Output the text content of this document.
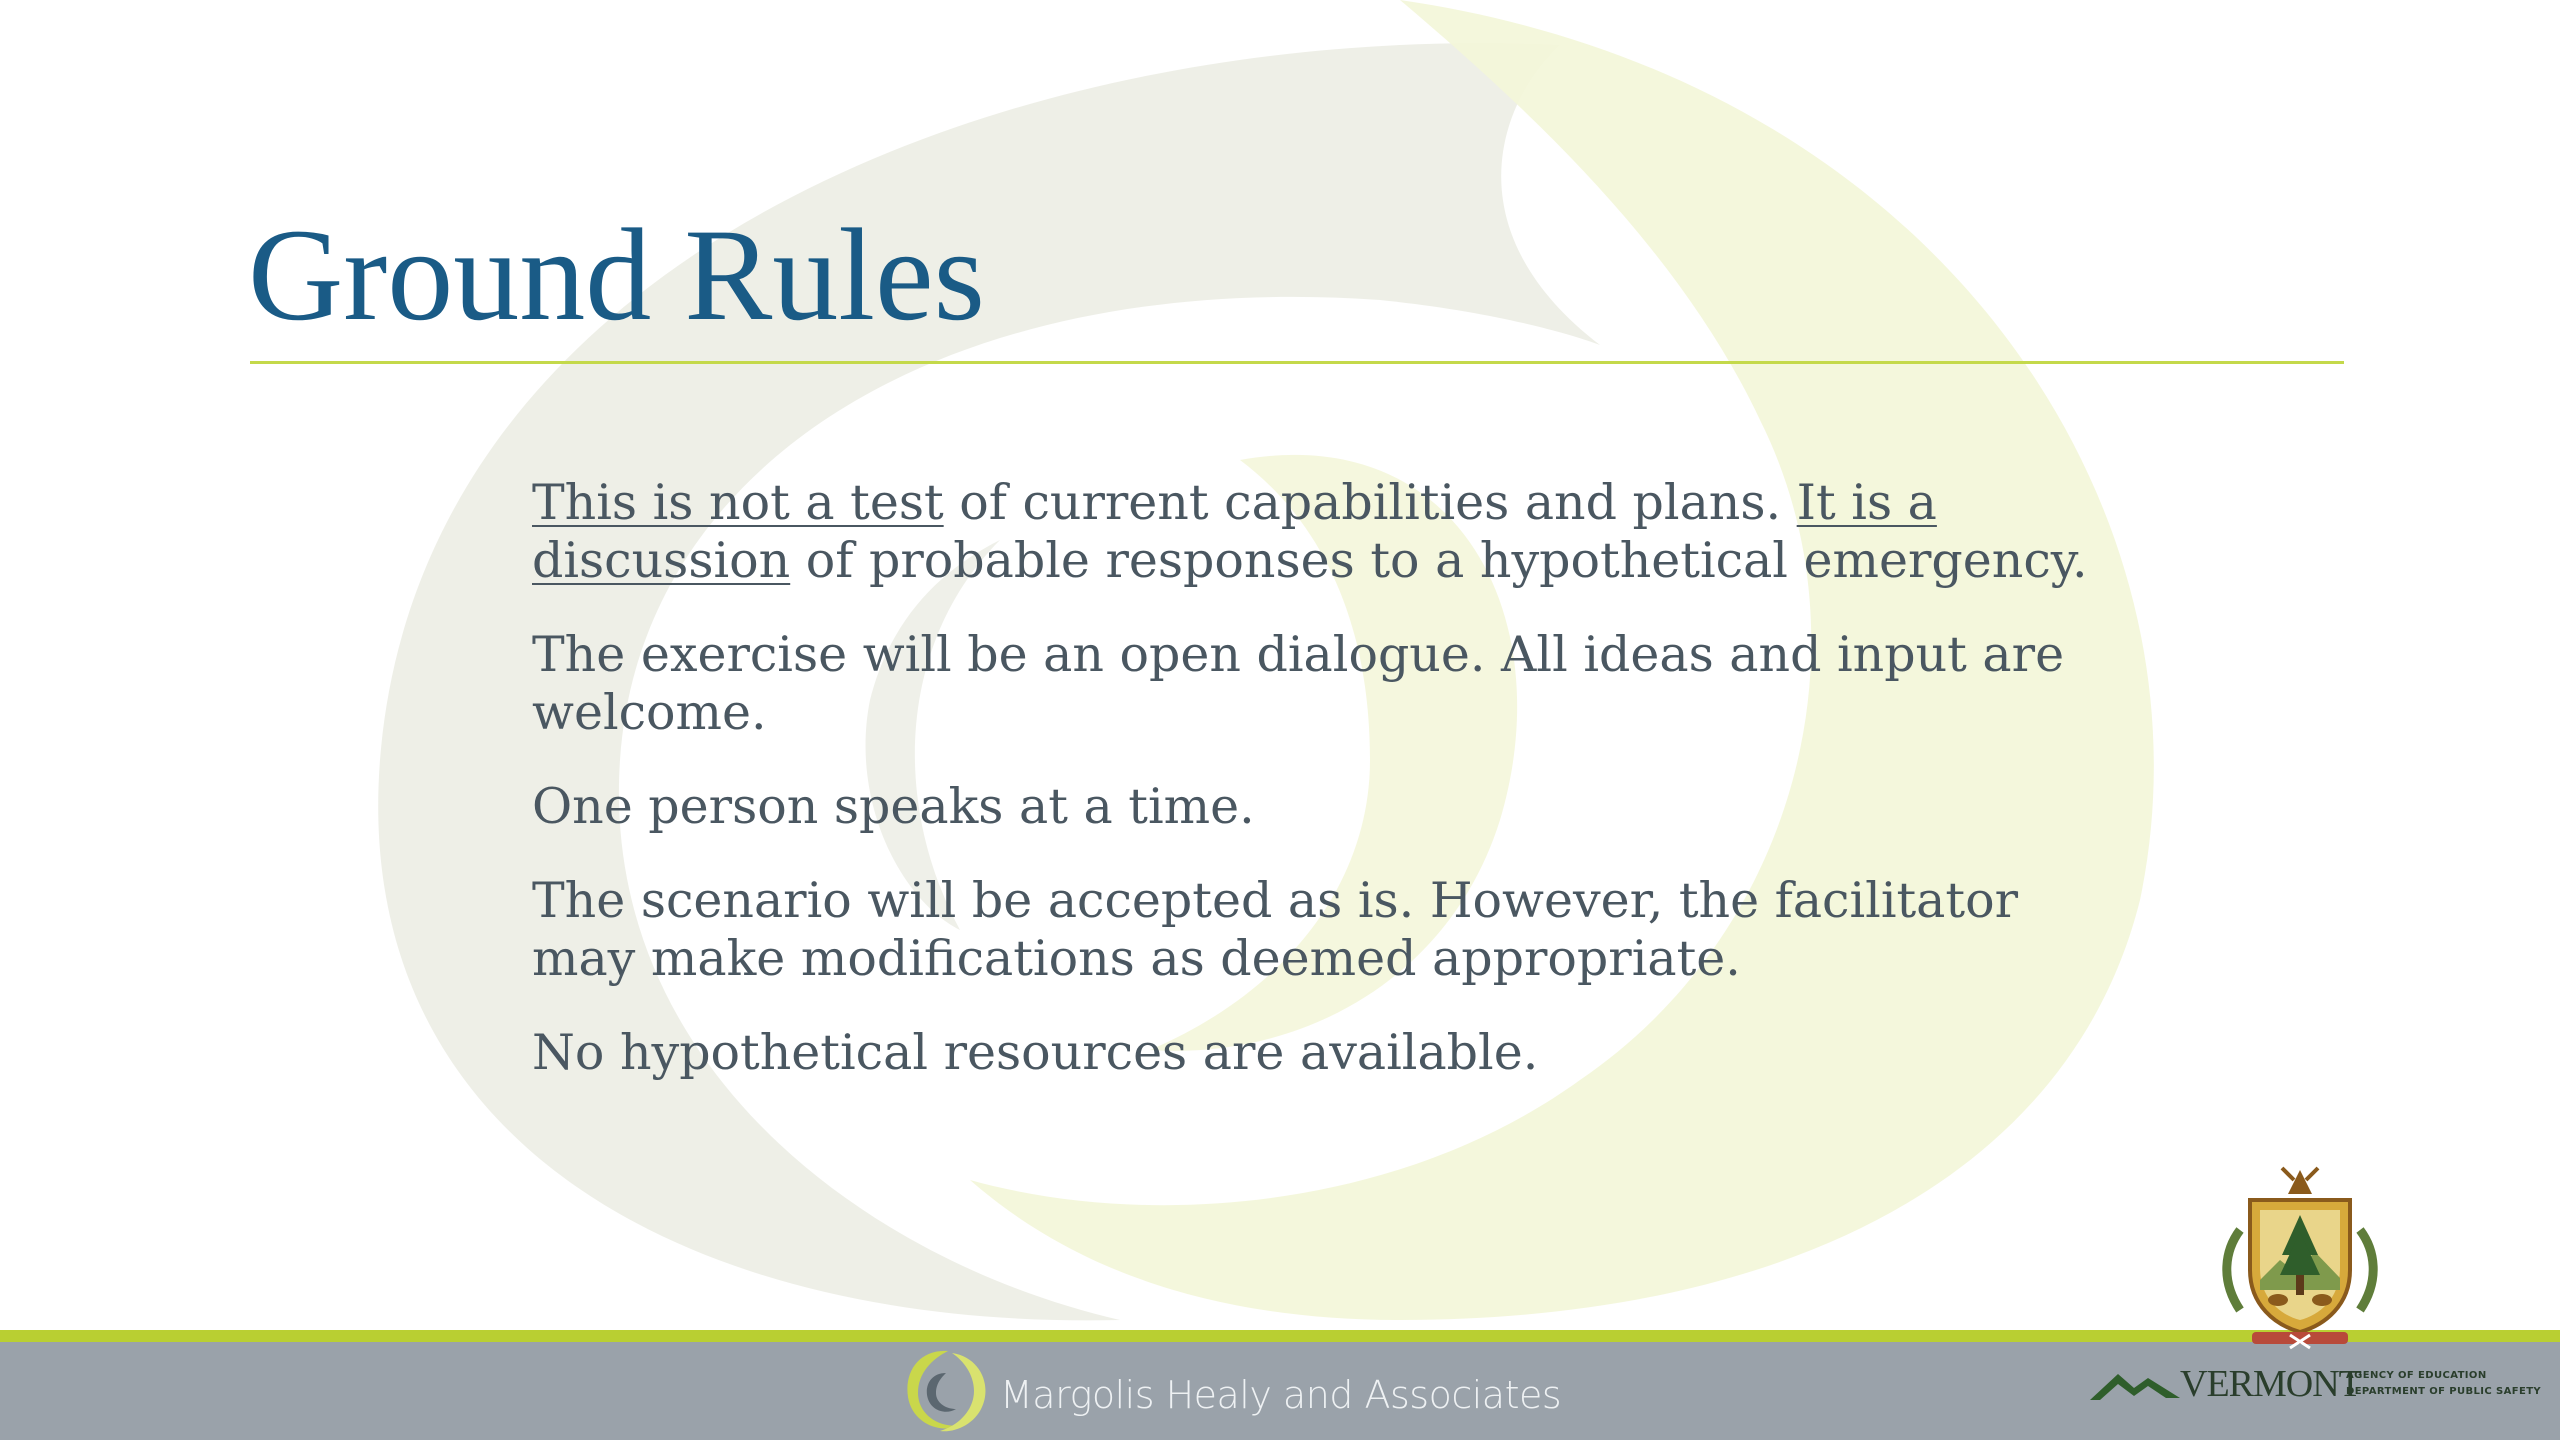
Ground Rules

This is not a test of current capabilities and plans. It is a discussion of probable responses to a hypothetical emergency.

The exercise will be an open dialogue. All ideas and input are welcome.

One person speaks at a time.

The scenario will be accepted as is. However, the facilitator may make modifications as deemed appropriate.

No hypothetical resources are available.

Margolis Healy and Associates	VERMONT
AGENCY OF EDUCATION
DEPARTMENT OF PUBLIC SAFETY
